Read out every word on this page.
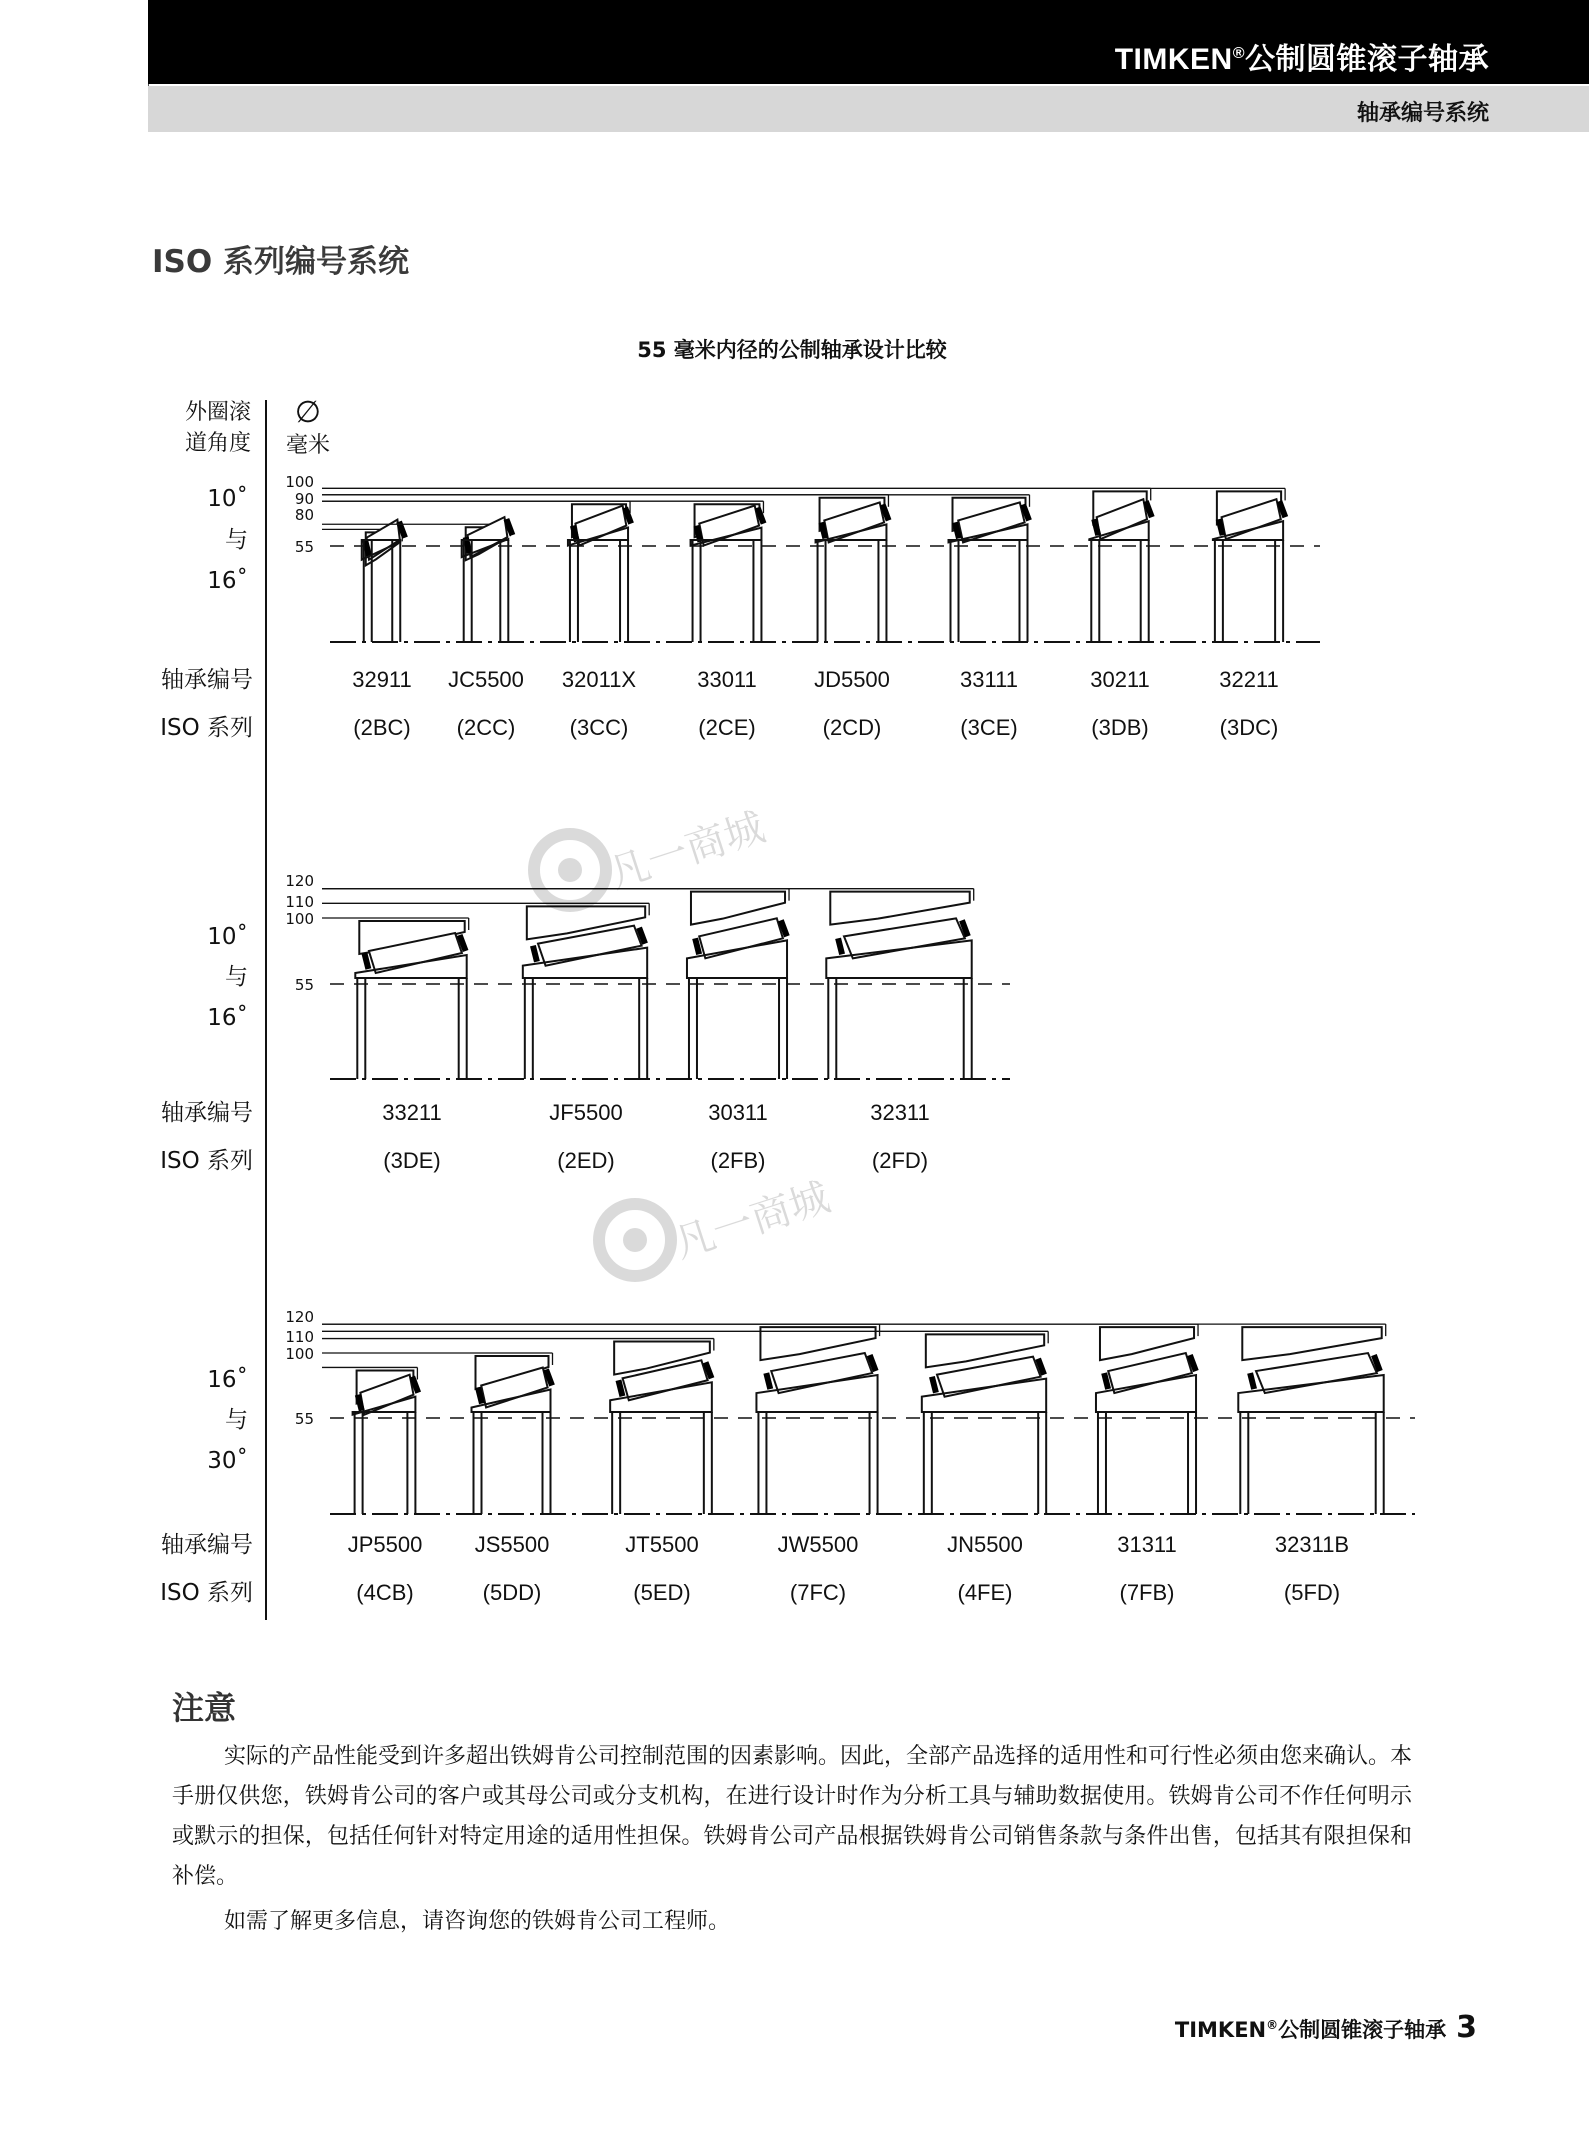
TIMKEN®公制圆锥滚子轴承
轴承编号系统
ISO 系列编号系统
55 毫米内径的公制轴承设计比较
外圈滚
道角度
∅
毫米
10˚
与
16˚
100
90
80
55
轴承编号
ISO 系列
32911
(2BC)
JC5500
(2CC)
32011X
(3CC)
33011
(2CE)
JD5500
(2CD)
33111
(3CE)
30211
(3DB)
32211
(3DC)
10˚
与
16˚
120
110
100
55
轴承编号
ISO 系列
33211
(3DE)
JF5500
(2ED)
30311
(2FB)
32311
(2FD)
16˚
与
30˚
120
110
100
55
轴承编号
ISO 系列
JP5500
(4CB)
JS5500
(5DD)
JT5500
(5ED)
JW5500
(7FC)
JN5500
(4FE)
31311
(7FB)
32311B
(5FD)
凡一商城
凡一商城
注意
实际的产品性能受到许多超出铁姆肯公司控制范围的因素影响。因此，全部产品选择的适用性和可行性必须由您来确认。本手册仅供您，铁姆肯公司的客户或其母公司或分支机构，在进行设计时作为分析工具与辅助数据使用。铁姆肯公司不作任何明示或默示的担保，包括任何针对特定用途的适用性担保。铁姆肯公司产品根据铁姆肯公司销售条款与条件出售，包括其有限担保和补偿。
如需了解更多信息，请咨询您的铁姆肯公司工程师。
TIMKEN®公制圆锥滚子轴承 3
